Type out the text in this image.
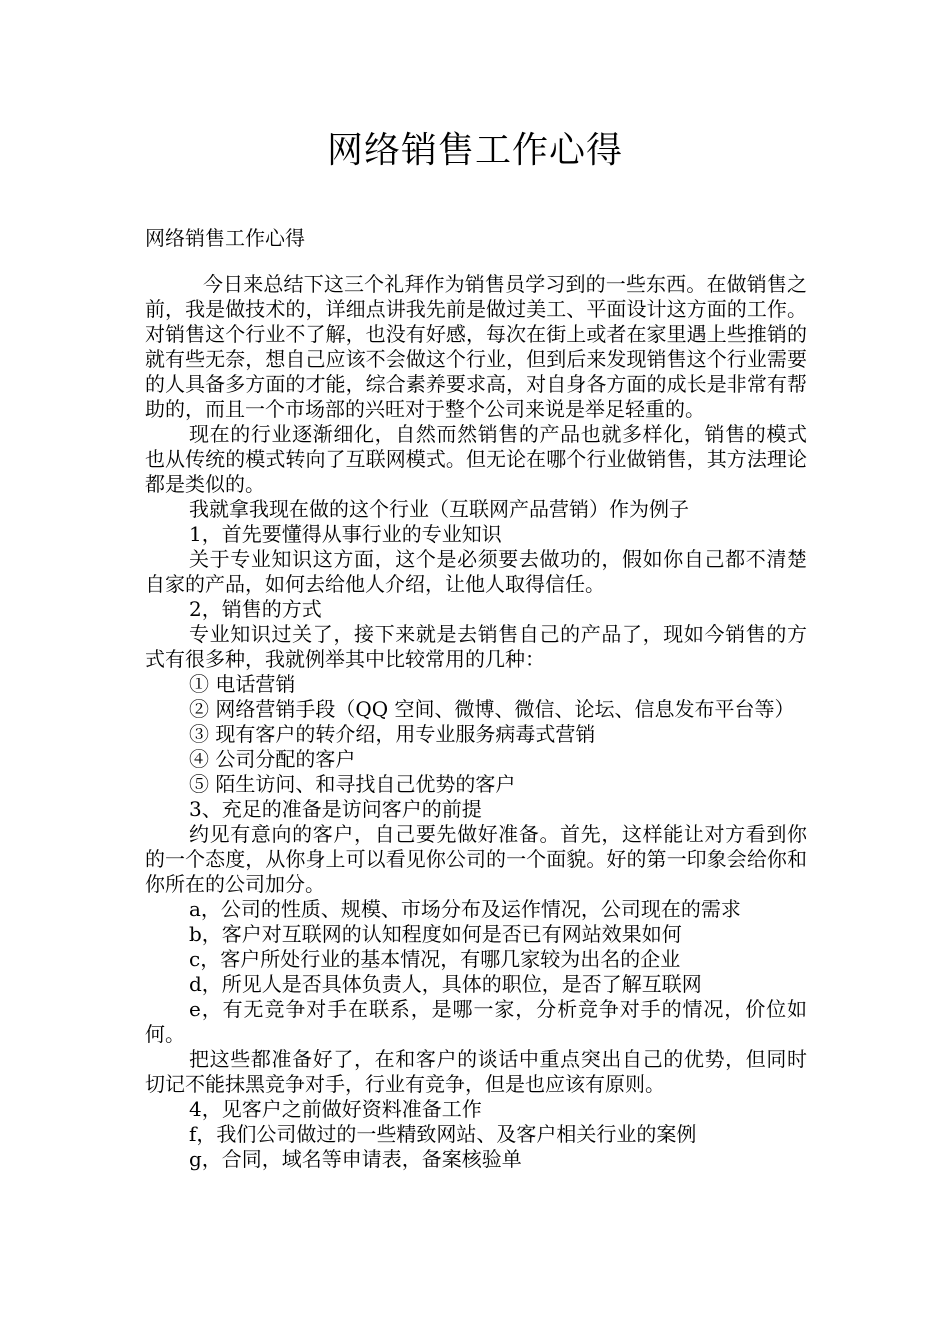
网络销售工作心得
网络销售工作心得

今日来总结下这三个礼拜作为销售员学习到的一些东西。在做销售之前，我是做技术的，详细点讲我先前是做过美工、平面设计这方面的工作。对销售这个行业不了解，也没有好感，每次在街上或者在家里遇上些推销的就有些无奈，想自己应该不会做这个行业，但到后来发现销售这个行业需要的人具备多方面的才能，综合素养要求高，对自身各方面的成长是非常有帮助的，而且一个市场部的兴旺对于整个公司来说是举足轻重的。

现在的行业逐渐细化，自然而然销售的产品也就多样化，销售的模式也从传统的模式转向了互联网模式。但无论在哪个行业做销售，其方法理论都是类似的。

我就拿我现在做的这个行业（互联网产品营销）作为例子

1，首先要懂得从事行业的专业知识

关于专业知识这方面，这个是必须要去做功的，假如你自己都不清楚自家的产品，如何去给他人介绍，让他人取得信任。

2，销售的方式

专业知识过关了，接下来就是去销售自己的产品了，现如今销售的方式有很多种，我就例举其中比较常用的几种：

① 电话营销

② 网络营销手段（QQ 空间、微博、微信、论坛、信息发布平台等）

③ 现有客户的转介绍，用专业服务病毒式营销

④ 公司分配的客户

⑤ 陌生访问、和寻找自己优势的客户

3、充足的准备是访问客户的前提

约见有意向的客户，自己要先做好准备。首先，这样能让对方看到你的一个态度，从你身上可以看见你公司的一个面貌。好的第一印象会给你和你所在的公司加分。

a，公司的性质、规模、市场分布及运作情况，公司现在的需求

b，客户对互联网的认知程度如何是否已有网站效果如何

c，客户所处行业的基本情况，有哪几家较为出名的企业

d，所见人是否具体负责人，具体的职位，是否了解互联网

e，有无竞争对手在联系，是哪一家，分析竞争对手的情况，价位如何。

把这些都准备好了，在和客户的谈话中重点突出自己的优势，但同时切记不能抹黑竞争对手，行业有竞争，但是也应该有原则。

4，见客户之前做好资料准备工作

f，我们公司做过的一些精致网站、及客户相关行业的案例

g，合同，域名等申请表，备案核验单
